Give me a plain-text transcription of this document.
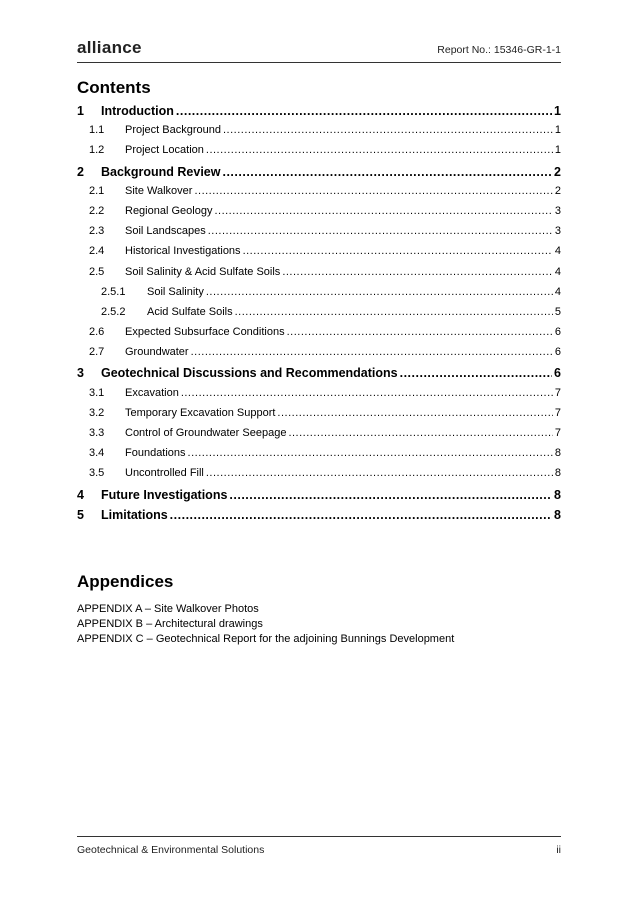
alliance	Report No.: 15346-GR-1-1
Contents
1	Introduction .....	1
1.1	Project Background .....	1
1.2	Project Location .....	1
2	Background Review .....	2
2.1	Site Walkover .....	2
2.2	Regional Geology .....	3
2.3	Soil Landscapes .....	3
2.4	Historical Investigations .....	4
2.5	Soil Salinity & Acid Sulfate Soils .....	4
2.5.1	Soil Salinity .....	4
2.5.2	Acid Sulfate Soils .....	5
2.6	Expected Subsurface Conditions .....	6
2.7	Groundwater .....	6
3	Geotechnical Discussions and Recommendations .....	6
3.1	Excavation .....	7
3.2	Temporary Excavation Support .....	7
3.3	Control of Groundwater Seepage .....	7
3.4	Foundations .....	8
3.5	Uncontrolled Fill .....	8
4	Future Investigations .....	8
5	Limitations .....	8
Appendices
APPENDIX A – Site Walkover Photos
APPENDIX B – Architectural drawings
APPENDIX C – Geotechnical Report for the adjoining Bunnings Development
Geotechnical & Environmental Solutions	ii
